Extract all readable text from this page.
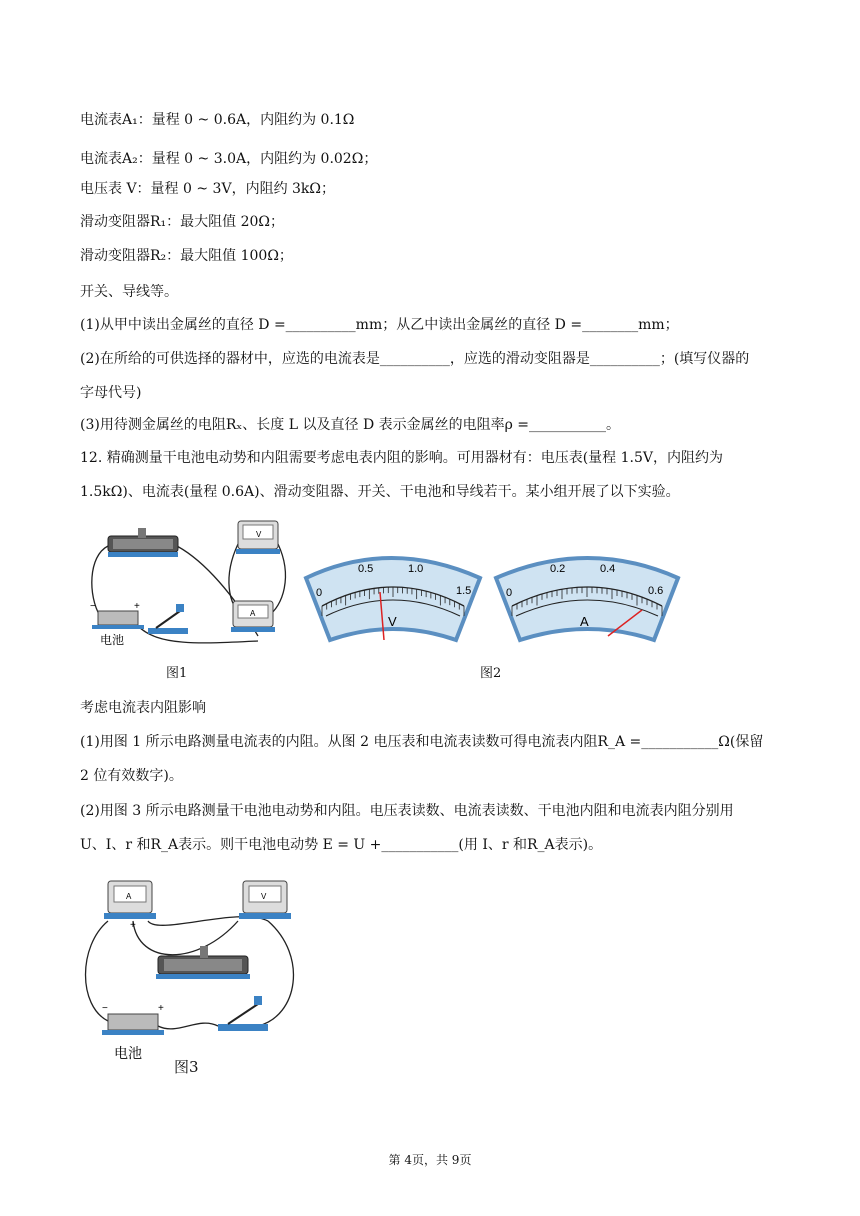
电流表A₁：量程 0 ~ 0.6A，内阻约为 0.1Ω
电流表A₂：量程 0 ~ 3.0A，内阻约为 0.02Ω；
电压表 V：量程 0 ~ 3V，内阻约 3kΩ；
滑动变阻器R₁：最大阻值 20Ω；
滑动变阻器R₂：最大阻值 100Ω；
开关、导线等。
(1)从甲中读出金属丝的直径 D =__________mm；从乙中读出金属丝的直径 D =________mm；
(2)在所给的可供选择的器材中，应选的电流表是__________，应选的滑动变阻器是__________；(填写仪器的
字母代号)
(3)用待测金属丝的电阻Rₓ、长度 L 以及直径 D 表示金属丝的电阻率ρ =___________。
12. 精确测量干电池电动势和内阻需要考虑电表内阻的影响。可用器材有：电压表(量程 1.5V，内阻约为
1.5kΩ)、电流表(量程 0.6A)、滑动变阻器、开关、干电池和导线若干。某小组开展了以下实验。
V
A
−	+
电池
图1
0
0.5	1.0
1.5
V
0
0.2	0.4
0.6
A
图2
考虑电流表内阻影响
(1)用图 1 所示电路测量电流表的内阻。从图 2 电压表和电流表读数可得电流表内阻R_A =___________Ω(保留
2 位有效数字)。
(2)用图 3 所示电路测量干电池电动势和内阻。电压表读数、电流表读数、干电池内阻和电流表内阻分别用
U、I、r 和R_A表示。则干电池电动势 E = U +___________(用 I、r 和R_A表示)。
A
+
V
−	+
电池
图3
第 4页，共 9页
